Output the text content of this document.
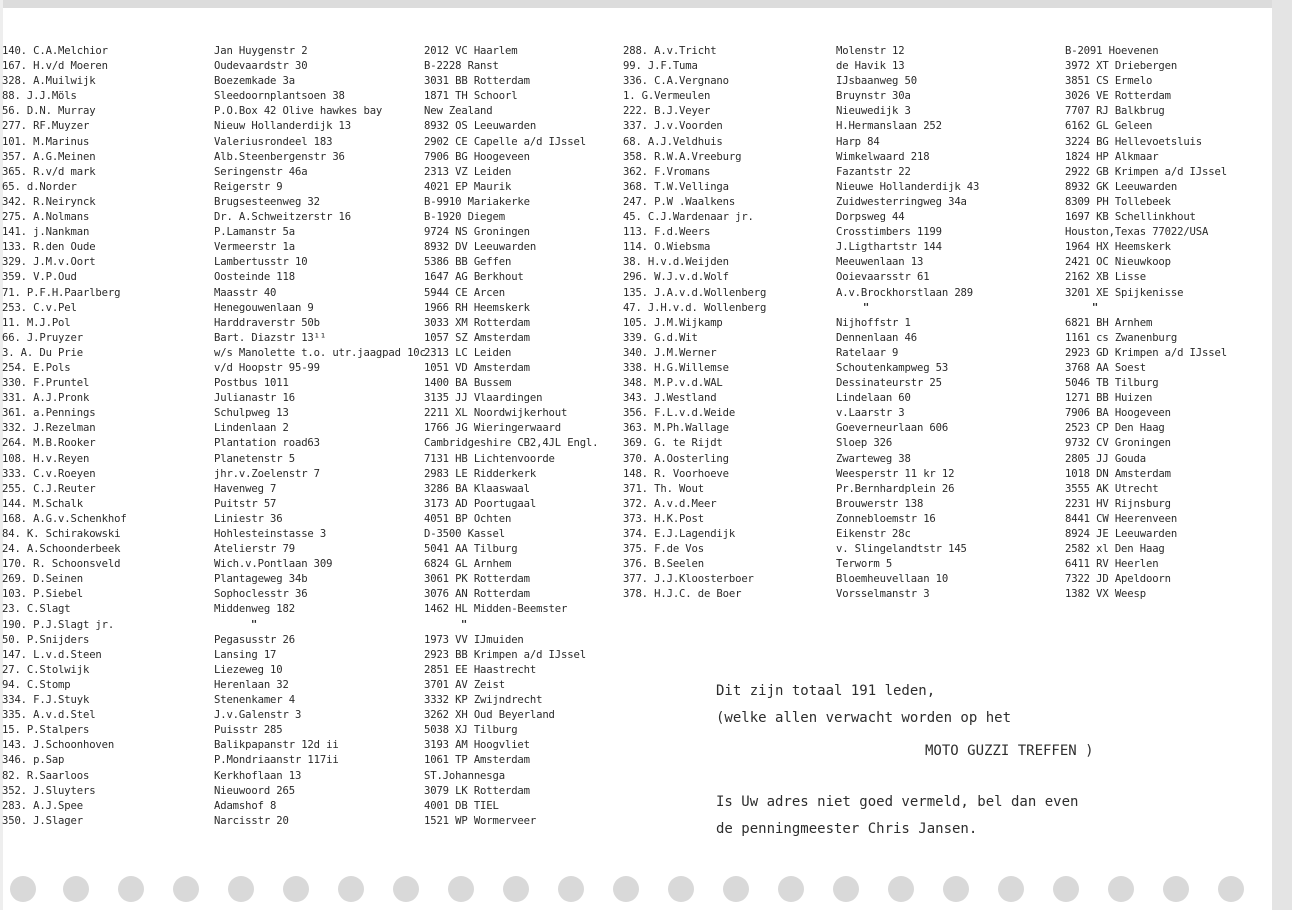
140. C.A.Melchior
167. H.v/d Moeren
328. A.Muilwijk
88. J.J.Möls
56. D.N. Murray
277. RF.Muyzer
101. M.Marinus
357. A.G.Meinen
365. R.v/d mark
65. d.Norder
342. R.Neirynck
275. A.Nolmans
141. j.Nankman
133. R.den Oude
329. J.M.v.Oort
359. V.P.Oud
71. P.F.H.Paarlberg
253. C.v.Pel
11. M.J.Pol
66. J.Pruyzer
3. A. Du Prie
254. E.Pols
330. F.Pruntel
331. A.J.Pronk
361. a.Pennings
332. J.Rezelman
264. M.B.Rooker
108. H.v.Reyen
333. C.v.Roeyen
255. C.J.Reuter
144. M.Schalk
168. A.G.v.Schenkhof
84. K. Schirakowski
24. A.Schoonderbeek
170. R. Schoonsveld
269. D.Seinen
103. P.Siebel
23. C.Slagt
190. P.J.Slagt jr.
50. P.Snijders
147. L.v.d.Steen
27. C.Stolwijk
94. C.Stomp
334. F.J.Stuyk
335. A.v.d.Stel
15. P.Stalpers
143. J.Schoonhoven
346. p.Sap
82. R.Saarloos
352. J.Sluyters
283. A.J.Spee
350. J.Slager
Jan Huygenstr 2
Oudevaardstr 30
Boezemkade 3a
Sleedoornplantsoen 38
P.O.Box 42 Olive hawkes bay
Nieuw Hollanderdijk 13
Valeriusrondeel 183
Alb.Steenbergenstr 36
Seringenstr 46a
Reigerstr 9
Brugsesteenweg 32
Dr. A.Schweitzerstr 16
P.Lamanstr 5a
Vermeerstr 1a
Lambertusstr 10
Oosteinde 118
Maasstr 40
Henegouwenlaan 9
Harddraverstr 50b
Bart. Diazstr 13¹¹
w/s Manolette t.o. utr.jaagpad 10c
v/d Hoopstr 95-99
Postbus 1011
Julianastr 16
Schulpweg 13
Lindenlaan 2
Plantation road63
Planetenstr 5
jhr.v.Zoelenstr 7
Havenweg 7
Puitstr 57
Liniestr 36
Hohlesteinstasse 3
Atelierstr 79
Wich.v.Pontlaan 309
Plantageweg 34b
Sophoclesstr 36
Middenweg 182
"
Pegasusstr 26
Lansing 17
Liezeweg 10
Herenlaan 32
Stenenkamer 4
J.v.Galenstr 3
Puisstr 285
Balikpapanstr 12d ii
P.Mondriaanstr 117ii
Kerkhoflaan 13
Nieuwoord 265
Adamshof 8
Narcisstr 20
2012 VC Haarlem
B-2228 Ranst
3031 BB Rotterdam
1871 TH Schoorl
New Zealand
8932 OS Leeuwarden
2902 CE Capelle a/d IJssel
7906 BG Hoogeveen
2313 VZ Leiden
4021 EP Maurik
B-9910 Mariakerke
B-1920 Diegem
9724 NS Groningen
8932 DV Leeuwarden
5386 BB Geffen
1647 AG Berkhout
5944 CE Arcen
1966 RH Heemskerk
3033 XM Rotterdam
1057 SZ Amsterdam
2313 LC Leiden
1051 VD Amsterdam
1400 BA Bussem
3135 JJ Vlaardingen
2211 XL Noordwijkerhout
1766 JG Wieringerwaard
Cambridgeshire CB2,4JL Engl.
7131 HB Lichtenvoorde
2983 LE Ridderkerk
3286 BA Klaaswaal
3173 AD Poortugaal
4051 BP Ochten
D-3500 Kassel
5041 AA Tilburg
6824 GL Arnhem
3061 PK Rotterdam
3076 AN Rotterdam
1462 HL Midden-Beemster
"
1973 VV IJmuiden
2923 BB Krimpen a/d IJssel
2851 EE Haastrecht
3701 AV Zeist
3332 KP Zwijndrecht
3262 XH Oud Beyerland
5038 XJ Tilburg
3193 AM Hoogvliet
1061 TP Amsterdam
ST.Johannesga
3079 LK Rotterdam
4001 DB TIEL
1521 WP Wormerveer
288. A.v.Tricht
99. J.F.Tuma
336. C.A.Vergnano
1. G.Vermeulen
222. B.J.Veyer
337. J.v.Voorden
68. A.J.Veldhuis
358. R.W.A.Vreeburg
362. F.Vromans
368. T.W.Vellinga
247. P.W .Waalkens
45. C.J.Wardenaar jr.
113. F.d.Weers
114. O.Wiebsma
38. H.v.d.Weijden
296. W.J.v.d.Wolf
135. J.A.v.d.Wollenberg
47. J.H.v.d. Wollenberg
105. J.M.Wijkamp
339. G.d.Wit
340. J.M.Werner
338. H.G.Willemse
348. M.P.v.d.WAL
343. J.Westland
356. F.L.v.d.Weide
363. M.Ph.Wallage
369. G. te Rijdt
370. A.Oosterling
148. R. Voorhoeve
371. Th. Wout
372. A.v.d.Meer
373. H.K.Post
374. E.J.Lagendijk
375. F.de Vos
376. B.Seelen
377. J.J.Kloosterboer
378. H.J.C. de Boer
Molenstr 12
de Havik 13
IJsbaanweg 50
Bruynstr 30a
Nieuwedijk 3
H.Hermanslaan 252
Harp 84
Wimkelwaard 218
Fazantstr 22
Nieuwe Hollanderdijk 43
Zuidwesterringweg 34a
Dorpsweg 44
Crosstimbers 1199
J.Ligthartstr 144
Meeuwenlaan 13
Ooievaarsstr 61
A.v.Brockhorstlaan 289
"
Nijhoffstr 1
Dennenlaan 46
Ratelaar 9
Schoutenkampweg 53
Dessinateurstr 25
Lindelaan 60
v.Laarstr 3
Goeverneurlaan 606
Sloep 326
Zwarteweg 38
Weesperstr 11 kr 12
Pr.Bernhardplein 26
Brouwerstr 138
Zonnebloemstr 16
Eikenstr 28c
v. Slingelandtstr 145
Terworm 5
Bloemheuvellaan 10
Vorsselmanstr 3
B-2091 Hoevenen
3972 XT Driebergen
3851 CS Ermelo
3026 VE Rotterdam
7707 RJ Balkbrug
6162 GL Geleen
3224 BG Hellevoetsluis
1824 HP Alkmaar
2922 GB Krimpen a/d IJssel
8932 GK Leeuwarden
8309 PH Tollebeek
1697 KB Schellinkhout
Houston,Texas 77022/USA
1964 HX Heemskerk
2421 OC Nieuwkoop
2162 XB Lisse
3201 XE Spijkenisse
"
6821 BH Arnhem
1161 cs Zwanenburg
2923 GD Krimpen a/d IJssel
3768 AA Soest
5046 TB Tilburg
1271 BB Huizen
7906 BA Hoogeveen
2523 CP Den Haag
9732 CV Groningen
2805 JJ Gouda
1018 DN Amsterdam
3555 AK Utrecht
2231 HV Rijnsburg
8441 CW Heerenveen
8924 JE Leeuwarden
2582 xl Den Haag
6411 RV Heerlen
7322 JD Apeldoorn
1382 VX Weesp
Dit zijn totaal 191 leden,
(welke allen verwacht worden op het
MOTO GUZZI TREFFEN )
Is Uw adres niet goed vermeld, bel dan even
de penningmeester Chris Jansen.
